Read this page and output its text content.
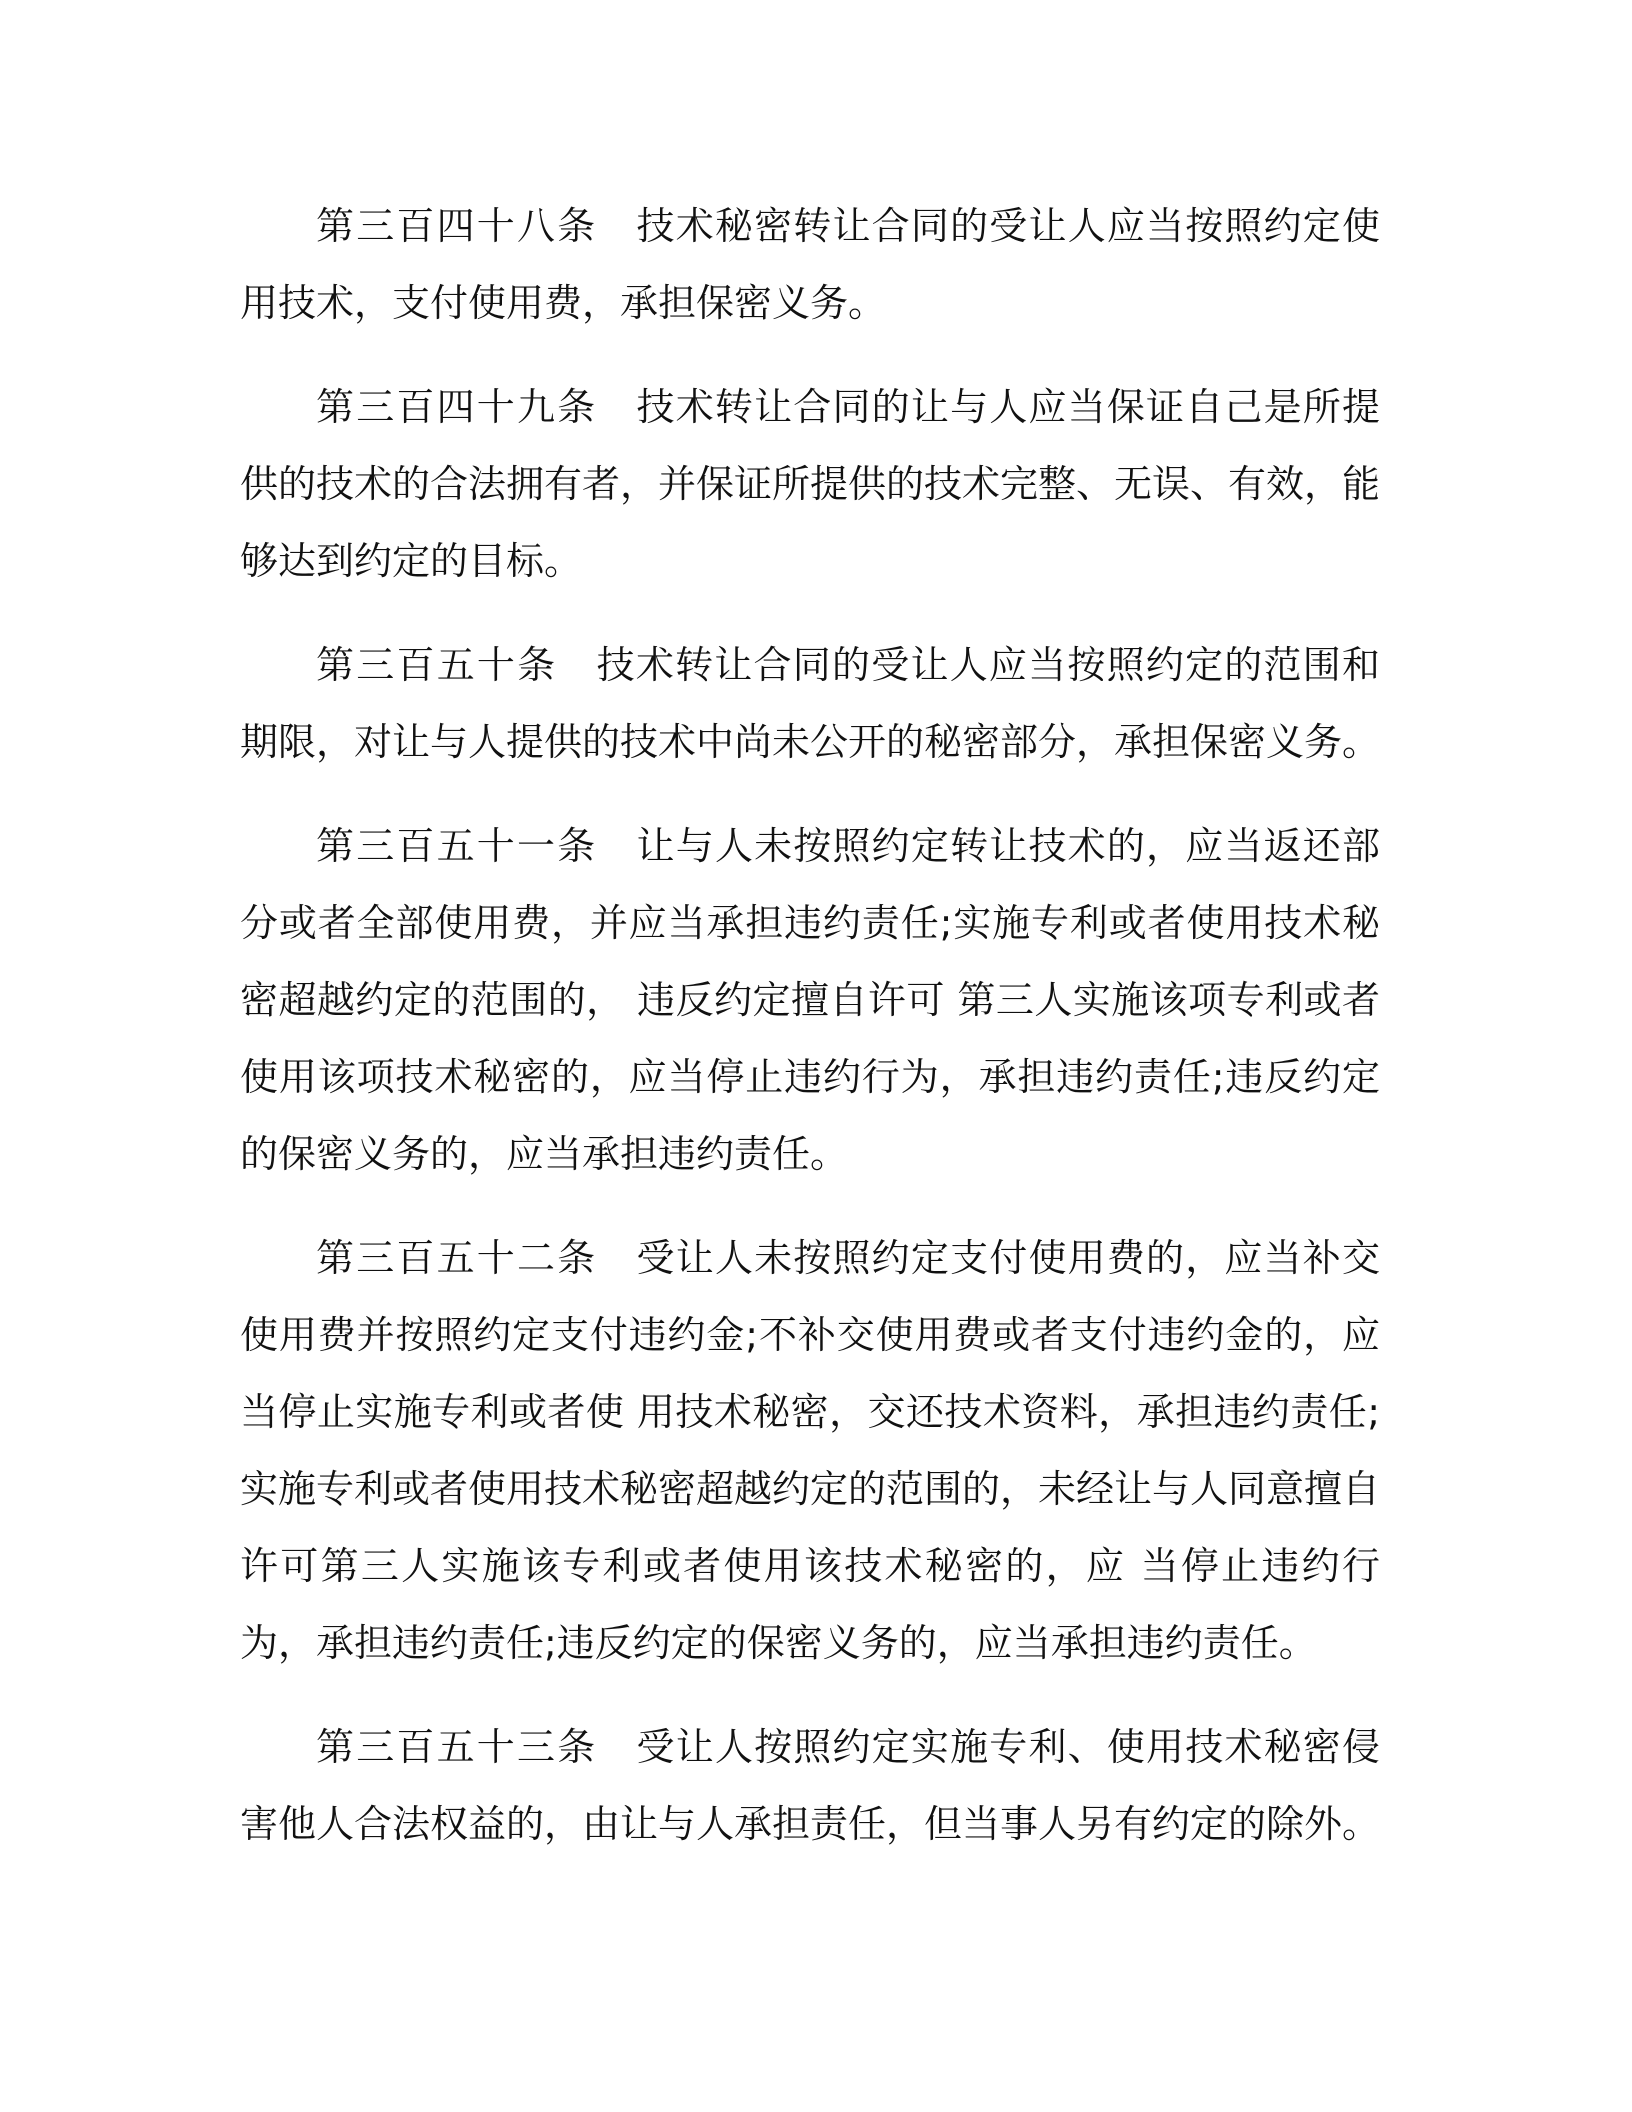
第三百四十八条 技术秘密转让合同的受让人应当按照约定使用技术，支付使用费，承担保密义务。

第三百四十九条 技术转让合同的让与人应当保证自己是所提供的技术的合法拥有者，并保证所提供的技术完整、无误、有效，能够达到约定的目标。

第三百五十条 技术转让合同的受让人应当按照约定的范围和期限，对让与人提供的技术中尚未公开的秘密部分，承担保密义务。

第三百五十一条 让与人未按照约定转让技术的，应当返还部分或者全部使用费，并应当承担违约责任;实施专利或者使用技术秘密超越约定的范围的， 违反约定擅自许可 第三人实施该项专利或者使用该项技术秘密的，应当停止违约行为，承担违约责任;违反约定的保密义务的，应当承担违约责任。

第三百五十二条 受让人未按照约定支付使用费的，应当补交使用费并按照约定支付违约金;不补交使用费或者支付违约金的，应当停止实施专利或者使 用技术秘密，交还技术资料，承担违约责任;实施专利或者使用技术秘密超越约定的范围的，未经让与人同意擅自许可第三人实施该专利或者使用该技术秘密的，应 当停止违约行为，承担违约责任;违反约定的保密义务的，应当承担违约责任。

第三百五十三条 受让人按照约定实施专利、使用技术秘密侵害他人合法权益的，由让与人承担责任，但当事人另有约定的除外。
